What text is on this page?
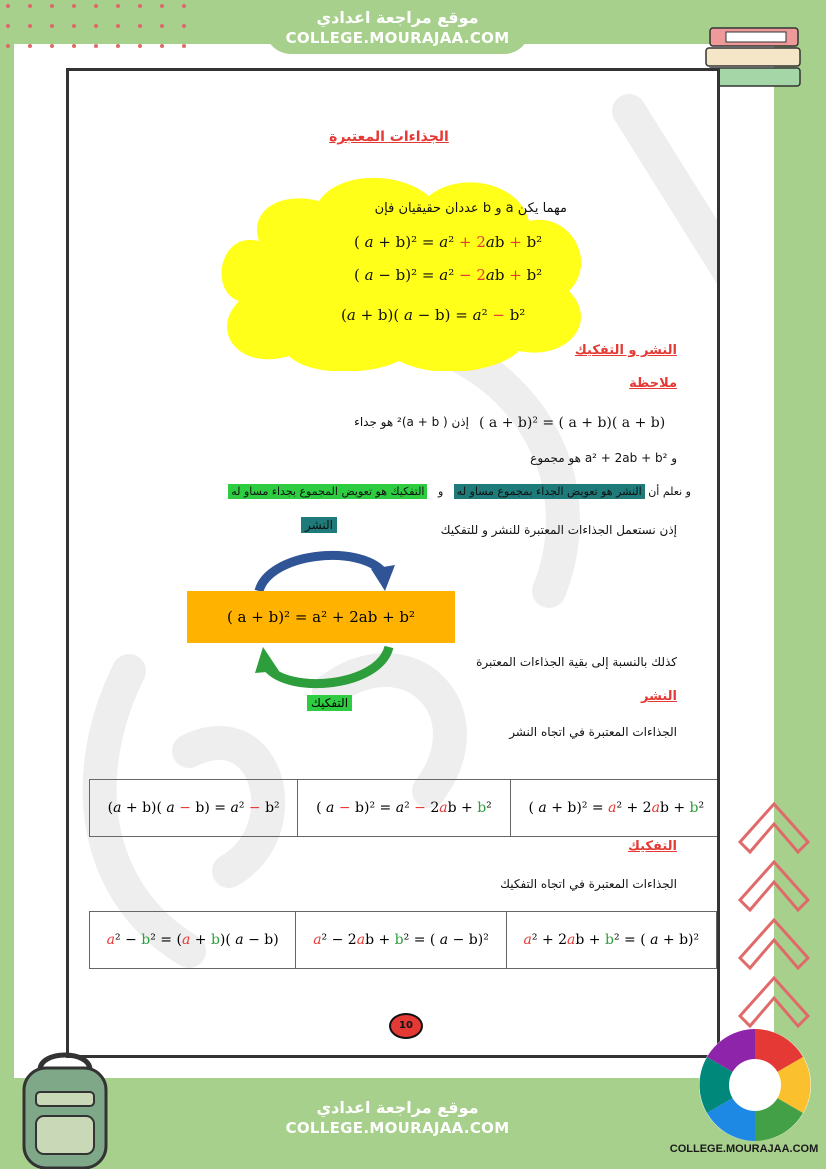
موقع مراجعة اعدادي
COLLEGE.MOURAJAA.COM
الجذاءات المعتبرة
مهما يكن a و b عددان حقيقيان فإن
( a + b)² = a² + 2ab + b²
( a − b)² = a² − 2ab + b²
(a + b)( a − b) = a² − b²
النشر و التفكيك
ملاحظة
( a + b)² = ( a + b)( a + b)
إذن ( a + b)² هو جداء
و a² + 2ab + b² هو مجموع
و نعلم أن النشر هو تعويض الجداء بمجموع مساو له   و   التفكيك هو تعويض المجموع بجداء مساو له
النشر	إذن نستعمل الجذاءات المعتبرة للنشر و للتفكيك
( a + b)² = a² + 2ab + b²
كذلك بالنسبة إلى بقية الجذاءات المعتبرة
التفكيك	النشر
الجذاءات المعتبرة في اتجاه النشر
(a + b)( a − b) = a² − b²	( a − b)² = a² − 2ab + b²	( a + b)² = a² + 2ab + b²
التفكيك
الجذاءات المعتبرة في اتجاه التفكيك
a² − b² = (a + b)( a − b)	a² − 2ab + b² = ( a − b)²	a² + 2ab + b² = ( a + b)²
10
موقع مراجعة اعدادي
COLLEGE.MOURAJAA.COM
COLLEGE.MOURAJAA.COM
